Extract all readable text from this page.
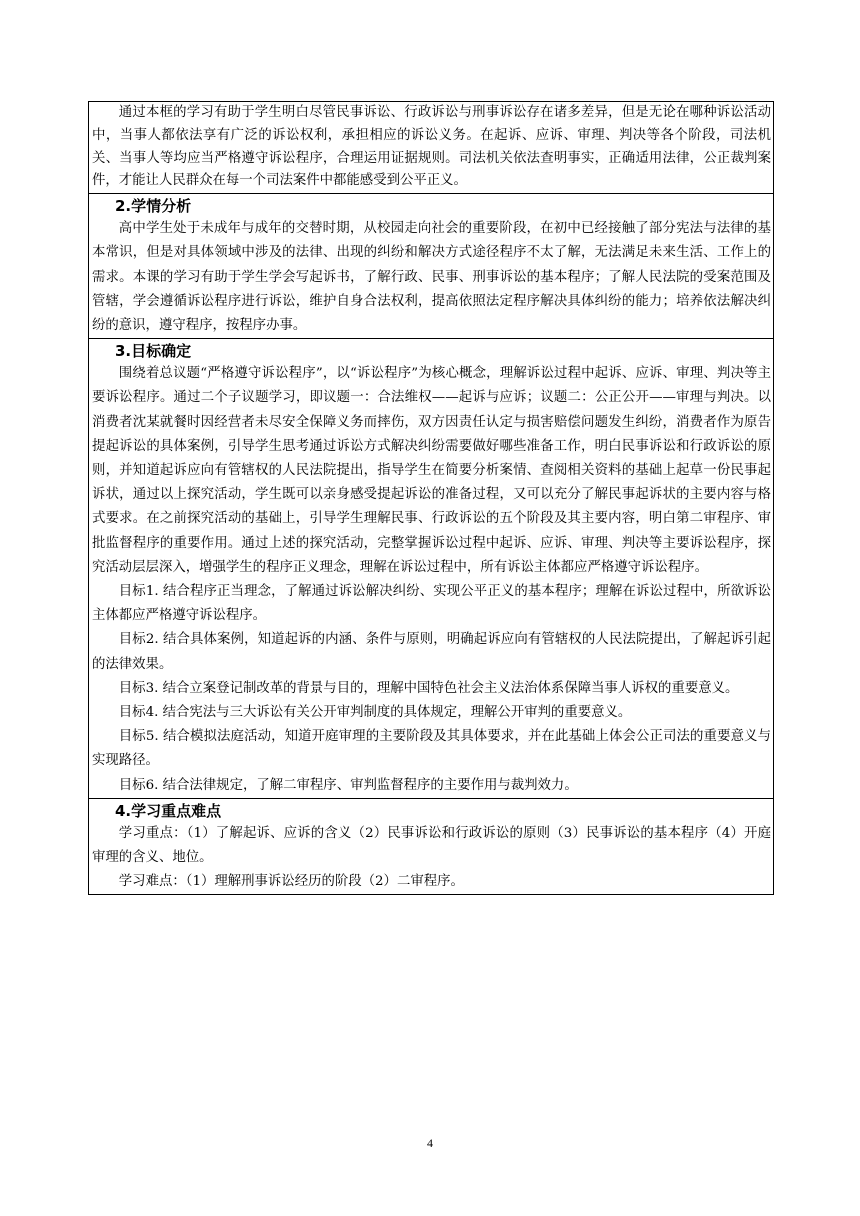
通过本框的学习有助于学生明白尽管民事诉讼、行政诉讼与刑事诉讼存在诸多差异，但是无论在哪种诉讼活动中，当事人都依法享有广泛的诉讼权利，承担相应的诉讼义务。在起诉、应诉、审理、判决等各个阶段，司法机关、当事人等均应当严格遵守诉讼程序，合理运用证据规则。司法机关依法查明事实，正确适用法律，公正裁判案件，才能让人民群众在每一个司法案件中都能感受到公平正义。

2.学情分析

高中学生处于未成年与成年的交替时期，从校园走向社会的重要阶段，在初中已经接触了部分宪法与法律的基本常识，但是对具体领域中涉及的法律、出现的纠纷和解决方式途径程序不太了解，无法满足未来生活、工作上的需求。本课的学习有助于学生学会写起诉书，了解行政、民事、刑事诉讼的基本程序；了解人民法院的受案范围及管辖，学会遵循诉讼程序进行诉讼，维护自身合法权利，提高依照法定程序解决具体纠纷的能力；培养依法解决纠纷的意识，遵守程序，按程序办事。

3.目标确定

围绕着总议题“严格遵守诉讼程序”，以“诉讼程序”为核心概念，理解诉讼过程中起诉、应诉、审理、判决等主要诉讼程序。通过二个子议题学习，即议题一：合法维权——起诉与应诉；议题二：公正公开——审理与判决。以消费者沈某就餐时因经营者未尽安全保障义务而摔伤，双方因责任认定与损害赔偿问题发生纠纷，消费者作为原告提起诉讼的具体案例，引导学生思考通过诉讼方式解决纠纷需要做好哪些准备工作，明白民事诉讼和行政诉讼的原则，并知道起诉应向有管辖权的人民法院提出，指导学生在简要分析案情、查阅相关资料的基础上起草一份民事起诉状，通过以上探究活动，学生既可以亲身感受提起诉讼的准备过程，又可以充分了解民事起诉状的主要内容与格式要求。在之前探究活动的基础上，引导学生理解民事、行政诉讼的五个阶段及其主要内容，明白第二审程序、审批监督程序的重要作用。通过上述的探究活动，完整掌握诉讼过程中起诉、应诉、审理、判决等主要诉讼程序，探究活动层层深入，增强学生的程序正义理念，理解在诉讼过程中，所有诉讼主体都应严格遵守诉讼程序。

目标1. 结合程序正当理念，了解通过诉讼解决纠纷、实现公平正义的基本程序；理解在诉讼过程中，所欲诉讼主体都应严格遵守诉讼程序。

目标2. 结合具体案例，知道起诉的内涵、条件与原则，明确起诉应向有管辖权的人民法院提出，了解起诉引起的法律效果。

目标3. 结合立案登记制改革的背景与目的，理解中国特色社会主义法治体系保障当事人诉权的重要意义。

目标4. 结合宪法与三大诉讼有关公开审判制度的具体规定，理解公开审判的重要意义。

目标5. 结合模拟法庭活动，知道开庭审理的主要阶段及其具体要求，并在此基础上体会公正司法的重要意义与实现路径。

目标6. 结合法律规定，了解二审程序、审判监督程序的主要作用与裁判效力。

4.学习重点难点

学习重点：（1）了解起诉、应诉的含义（2）民事诉讼和行政诉讼的原则（3）民事诉讼的基本程序（4）开庭审理的含义、地位。

学习难点：（1）理解刑事诉讼经历的阶段（2）二审程序。

4
